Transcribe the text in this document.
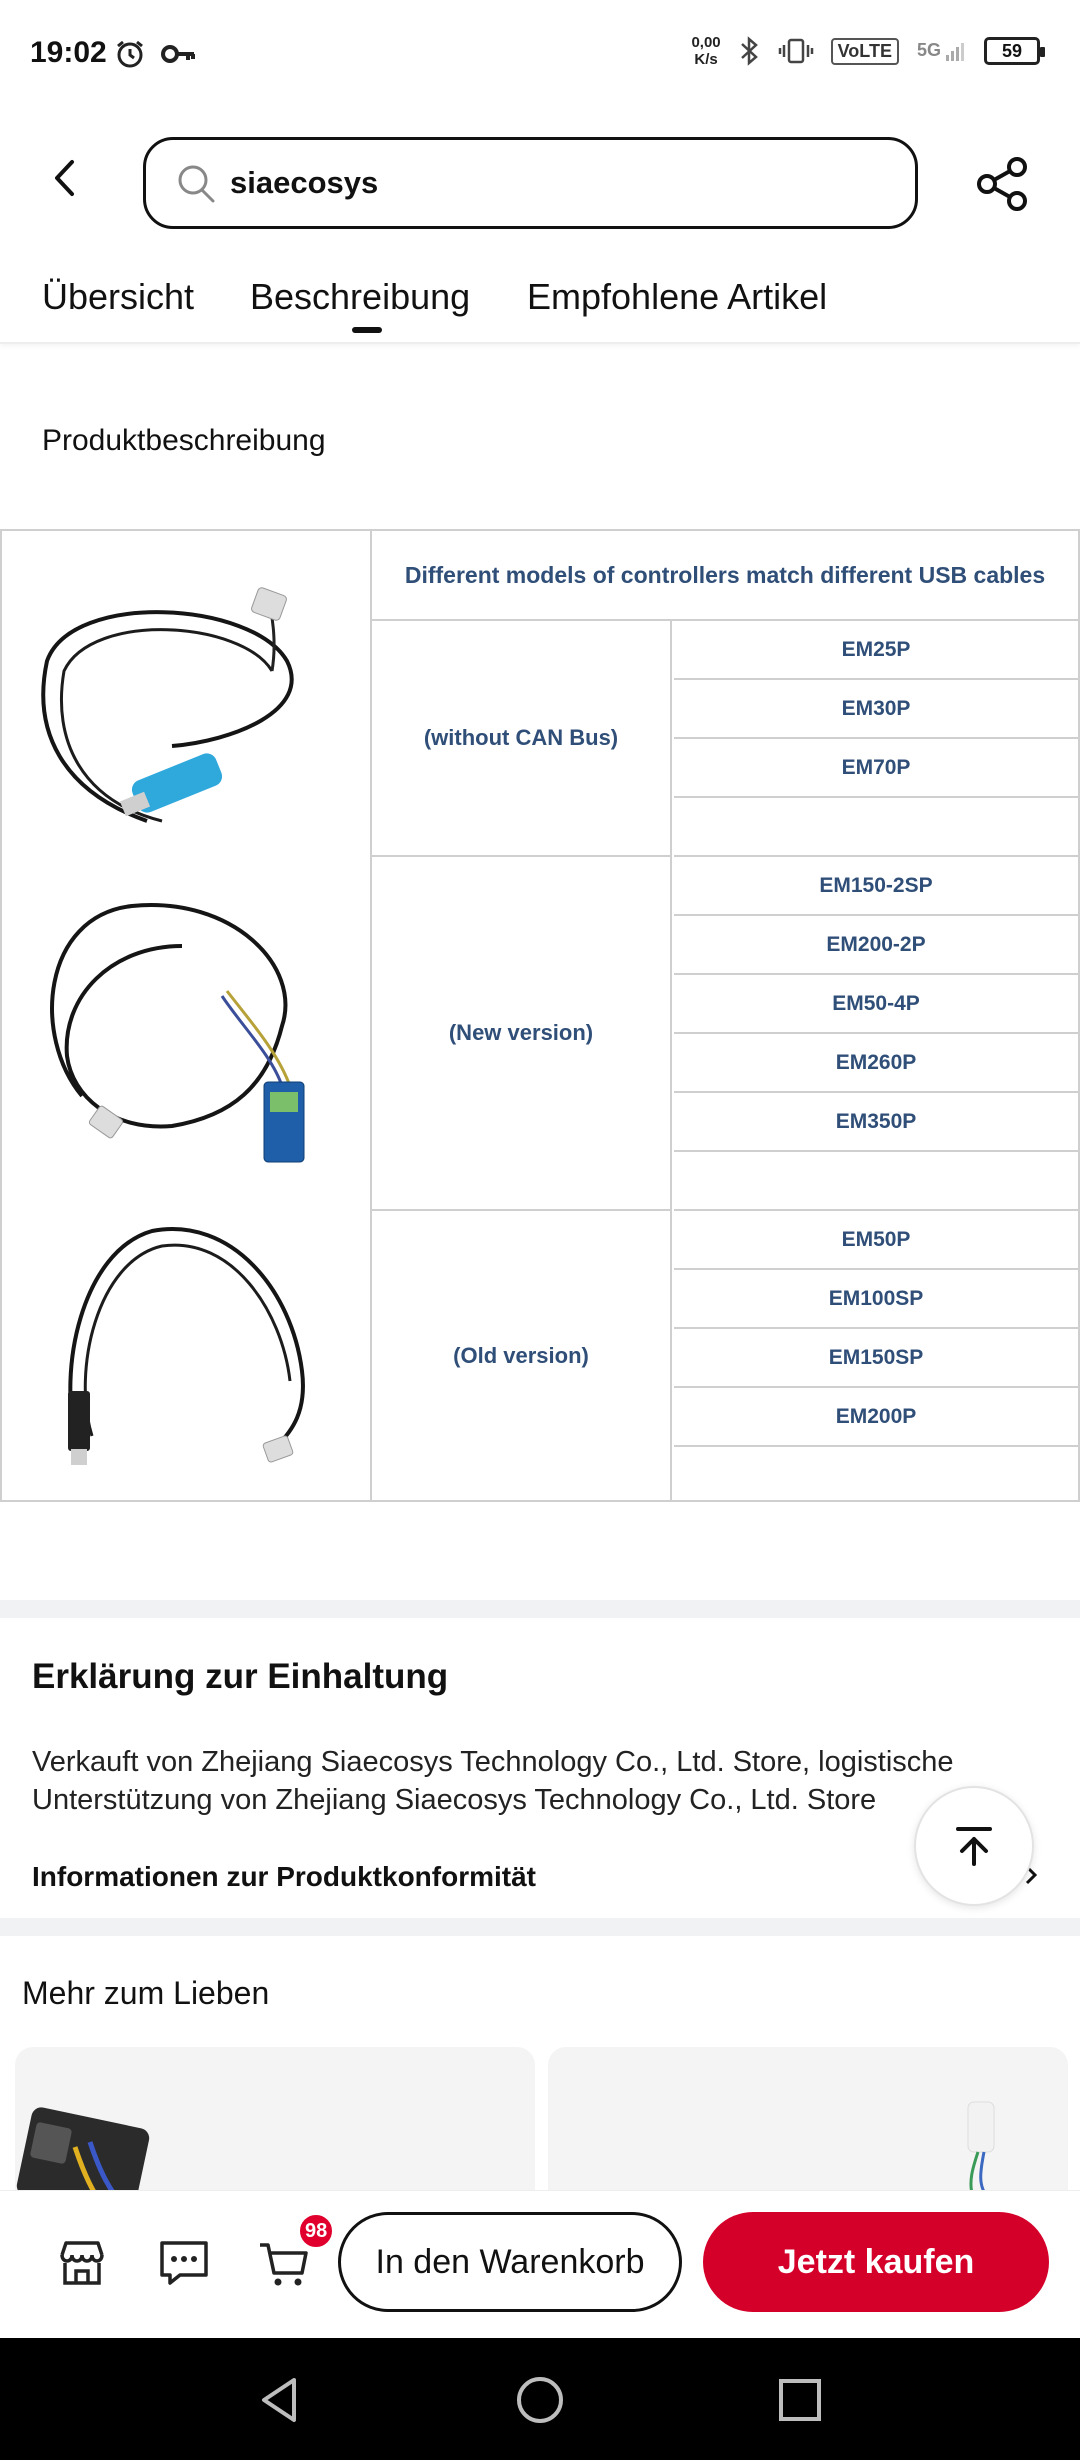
19:02	0,00
K/s	VoLTE	5G	59
siaecosys
Übersicht Beschreibung Empfohlene Artikel
Produktbeschreibung
Different models of controllers match different USB cables
(without CAN Bus)
EM25P
EM30P
EM70P
(New version)
EM150-2SP
EM200-2P
EM50-4P
EM260P
EM350P
(Old version)
EM50P
EM100SP
EM150SP
EM200P
Erklärung zur Einhaltung
Verkauft von Zhejiang Siaecosys Technology Co., Ltd. Store, logistische Unterstützung von Zhejiang Siaecosys Technology Co., Ltd. Store
Informationen zur Produktkonformität
Mehr zum Lieben
98
In den Warenkorb	Jetzt kaufen
